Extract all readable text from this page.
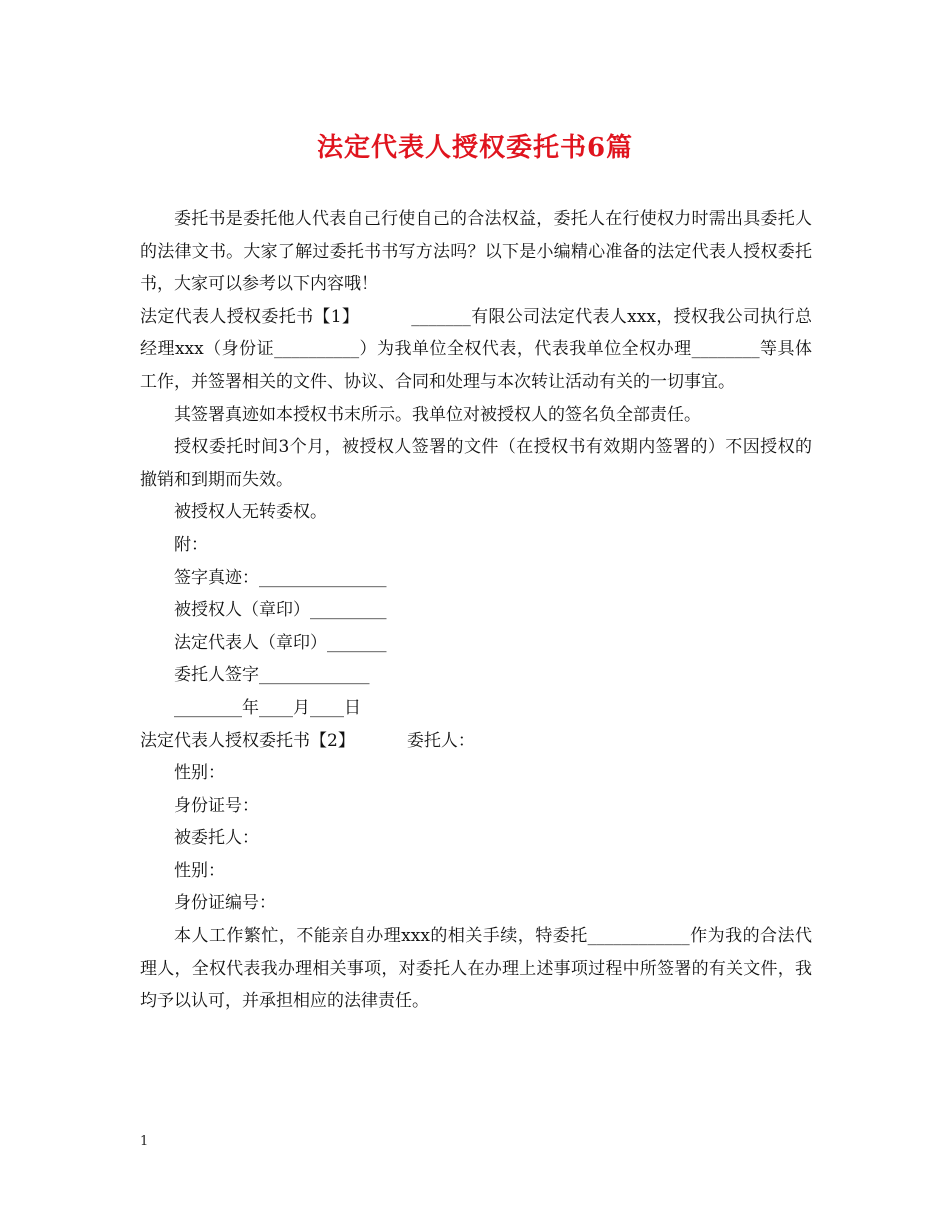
法定代表人授权委托书6篇

委托书是委托他人代表自己行使自己的合法权益，委托人在行使权力时需出具委托人的法律文书。大家了解过委托书书写方法吗？以下是小编精心准备的法定代表人授权委托书，大家可以参考以下内容哦！

法定代表人授权委托书【1】	_______有限公司法定代表人xxx，授权我公司执行总经理xxx（身份证__________）为我单位全权代表，代表我单位全权办理________等具体工作，并签署相关的文件、协议、合同和处理与本次转让活动有关的一切事宜。

其签署真迹如本授权书末所示。我单位对被授权人的签名负全部责任。

授权委托时间3个月，被授权人签署的文件（在授权书有效期内签署的）不因授权的撤销和到期而失效。

被授权人无转委权。

附：

签字真迹：_______________

被授权人（章印）_________

法定代表人（章印）_______

委托人签字_____________

________年____月____日

法定代表人授权委托书【2】	委托人：

性别：

身份证号：

被委托人：

性别：

身份证编号：

本人工作繁忙，不能亲自办理xxx的相关手续，特委托____________作为我的合法代理人，全权代表我办理相关事项，对委托人在办理上述事项过程中所签署的有关文件，我均予以认可，并承担相应的法律责任。

1
